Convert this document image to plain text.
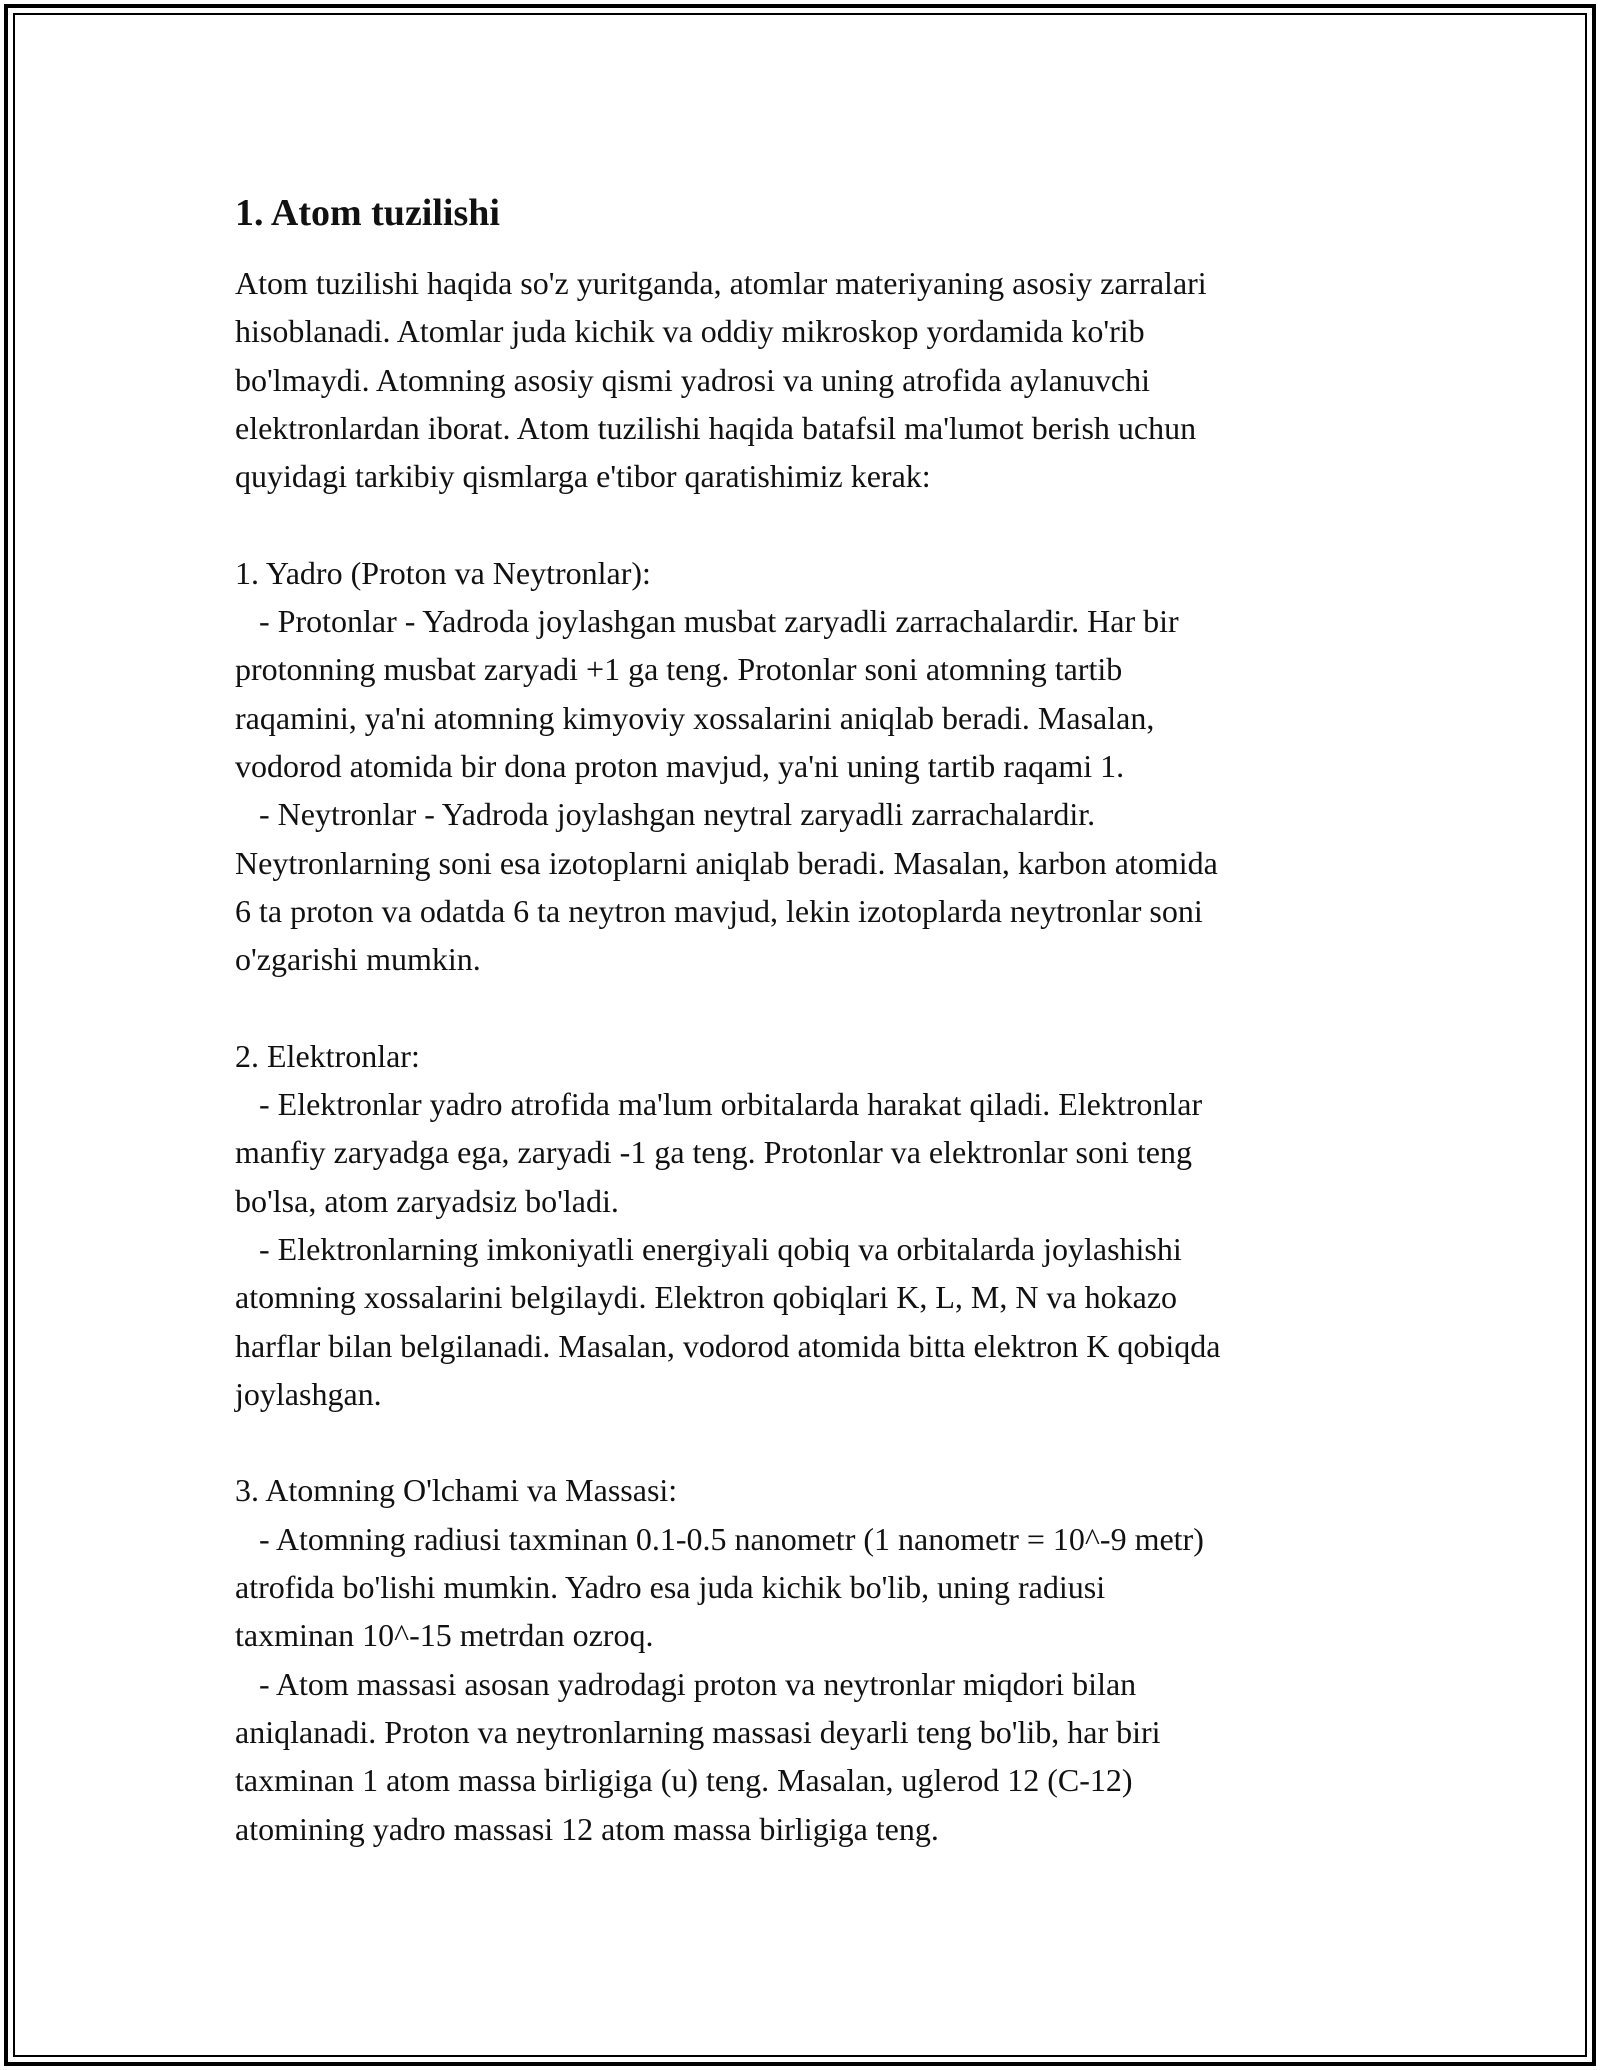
1. Atom tuzilishi

Atom tuzilishi haqida so'z yuritganda, atomlar materiyaning asosiy zarralari
hisoblanadi. Atomlar juda kichik va oddiy mikroskop yordamida ko'rib
bo'lmaydi. Atomning asosiy qismi yadrosi va uning atrofida aylanuvchi
elektronlardan iborat. Atom tuzilishi haqida batafsil ma'lumot berish uchun
quyidagi tarkibiy qismlarga e'tibor qaratishimiz kerak:

1. Yadro (Proton va Neytronlar):
- Protonlar - Yadroda joylashgan musbat zaryadli zarrachalardir. Har bir
protonning musbat zaryadi +1 ga teng. Protonlar soni atomning tartib
raqamini, ya'ni atomning kimyoviy xossalarini aniqlab beradi. Masalan,
vodorod atomida bir dona proton mavjud, ya'ni uning tartib raqami 1.
- Neytronlar - Yadroda joylashgan neytral zaryadli zarrachalardir.
Neytronlarning soni esa izotoplarni aniqlab beradi. Masalan, karbon atomida
6 ta proton va odatda 6 ta neytron mavjud, lekin izotoplarda neytronlar soni
o'zgarishi mumkin.

2. Elektronlar:
- Elektronlar yadro atrofida ma'lum orbitalarda harakat qiladi. Elektronlar
manfiy zaryadga ega, zaryadi -1 ga teng. Protonlar va elektronlar soni teng
bo'lsa, atom zaryadsiz bo'ladi.
- Elektronlarning imkoniyatli energiyali qobiq va orbitalarda joylashishi
atomning xossalarini belgilaydi. Elektron qobiqlari K, L, M, N va hokazo
harflar bilan belgilanadi. Masalan, vodorod atomida bitta elektron K qobiqda
joylashgan.

3. Atomning O'lchami va Massasi:
- Atomning radiusi taxminan 0.1-0.5 nanometr (1 nanometr = 10^-9 metr)
atrofida bo'lishi mumkin. Yadro esa juda kichik bo'lib, uning radiusi
taxminan 10^-15 metrdan ozroq.
- Atom massasi asosan yadrodagi proton va neytronlar miqdori bilan
aniqlanadi. Proton va neytronlarning massasi deyarli teng bo'lib, har biri
taxminan 1 atom massa birligiga (u) teng. Masalan, uglerod 12 (C-12)
atomining yadro massasi 12 atom massa birligiga teng.
